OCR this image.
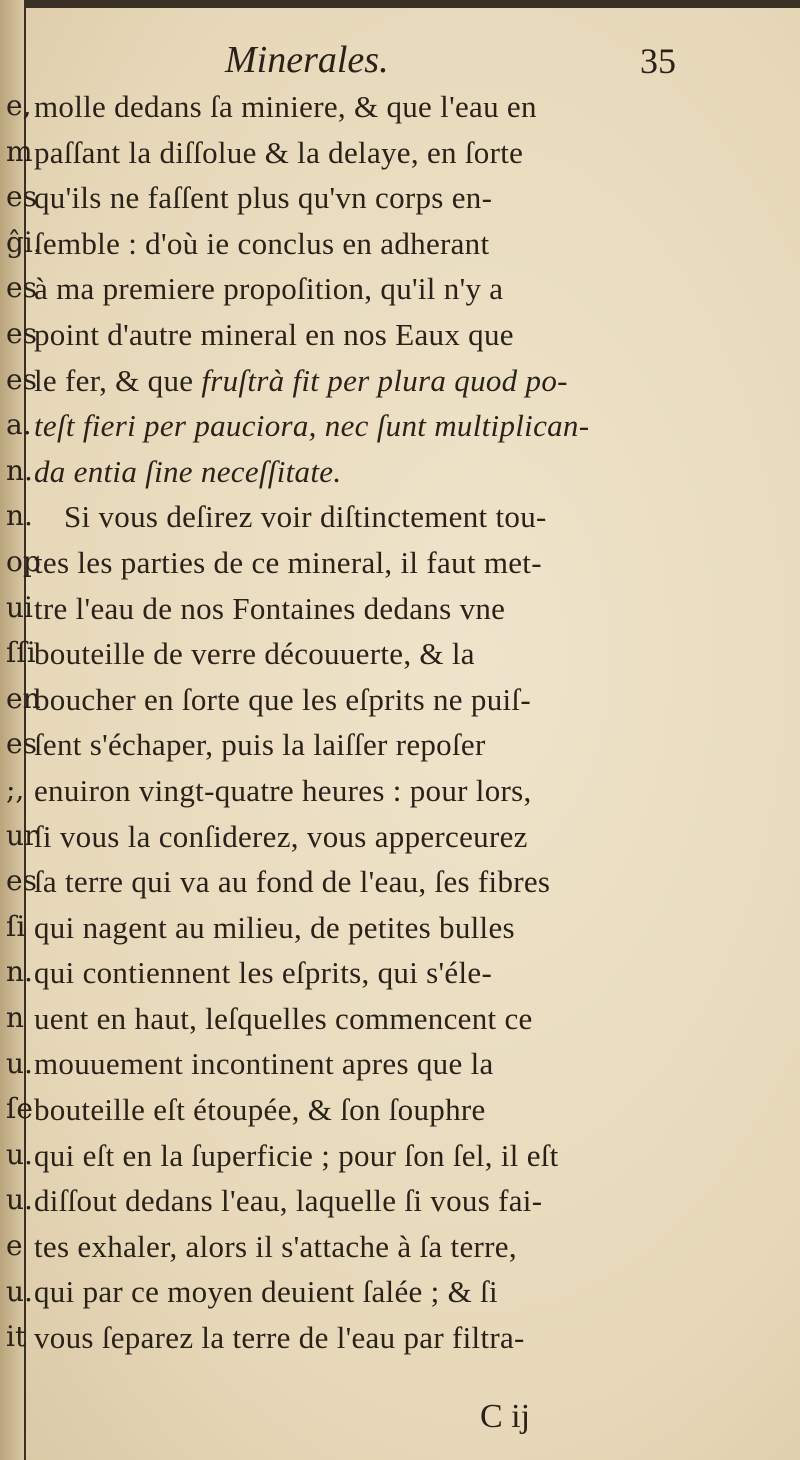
e,
m
es
ĝi.
es
es
es
a.
n.
n.
op
ui
ſſi
en
es
;,
ur
es
ſi
n.
n
u.
ſe
u.
u.
e
u.
it
Minerales.	35
molle dedans ſa miniere, & que l'eau en
paſſant la diſſolue & la delaye, en ſorte
qu'ils ne faſſent plus qu'vn corps en-
ſemble : d'où ie conclus en adherant
à ma premiere propoſition, qu'il n'y a
point d'autre mineral en nos Eaux que
le fer, & que fruſtrà fit per plura quod po-
teſt fieri per pauciora, nec ſunt multiplican-
da entia ſine neceſſitate.
Si vous deſirez voir diſtinctement tou-
tes les parties de ce mineral, il faut met-
tre l'eau de nos Fontaines dedans vne
bouteille de verre découuerte, & la
boucher en ſorte que les eſprits ne puiſ-
ſent s'échaper, puis la laiſſer repoſer
enuiron vingt-quatre heures : pour lors,
ſi vous la conſiderez, vous apperceurez
ſa terre qui va au fond de l'eau, ſes fibres
qui nagent au milieu, de petites bulles
qui contiennent les eſprits, qui s'éle-
uent en haut, leſquelles commencent ce
mouuement incontinent apres que la
bouteille eſt étoupée, & ſon ſouphre
qui eſt en la ſuperficie ; pour ſon ſel, il eſt
diſſout dedans l'eau, laquelle ſi vous fai-
tes exhaler, alors il s'attache à ſa terre,
qui par ce moyen deuient ſalée ; & ſi
vous ſeparez la terre de l'eau par filtra-
C ij
